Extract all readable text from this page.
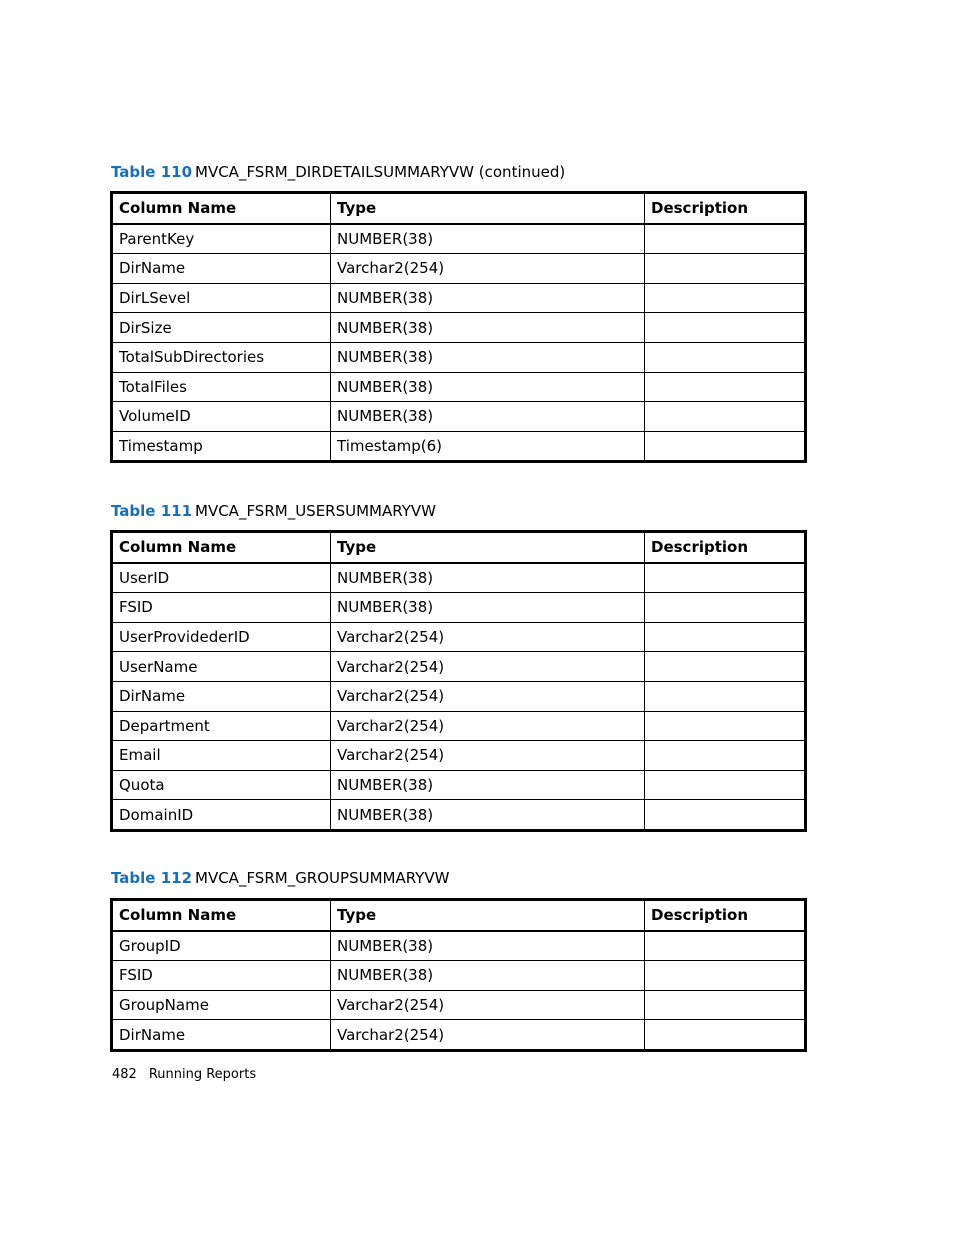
Table 110 MVCA_FSRM_DIRDETAILSUMMARYVW (continued)
Column Name	Type	Description
ParentKey	NUMBER(38)	
DirName	Varchar2(254)	
DirLSevel	NUMBER(38)	
DirSize	NUMBER(38)	
TotalSubDirectories	NUMBER(38)	
TotalFiles	NUMBER(38)	
VolumeID	NUMBER(38)	
Timestamp	Timestamp(6)	
Table 111 MVCA_FSRM_USERSUMMARYVW
Column Name	Type	Description
UserID	NUMBER(38)	
FSID	NUMBER(38)	
UserProvidederID	Varchar2(254)	
UserName	Varchar2(254)	
DirName	Varchar2(254)	
Department	Varchar2(254)	
Email	Varchar2(254)	
Quota	NUMBER(38)	
DomainID	NUMBER(38)	
Table 112 MVCA_FSRM_GROUPSUMMARYVW
Column Name	Type	Description
GroupID	NUMBER(38)	
FSID	NUMBER(38)	
GroupName	Varchar2(254)	
DirName	Varchar2(254)	
482 Running Reports
